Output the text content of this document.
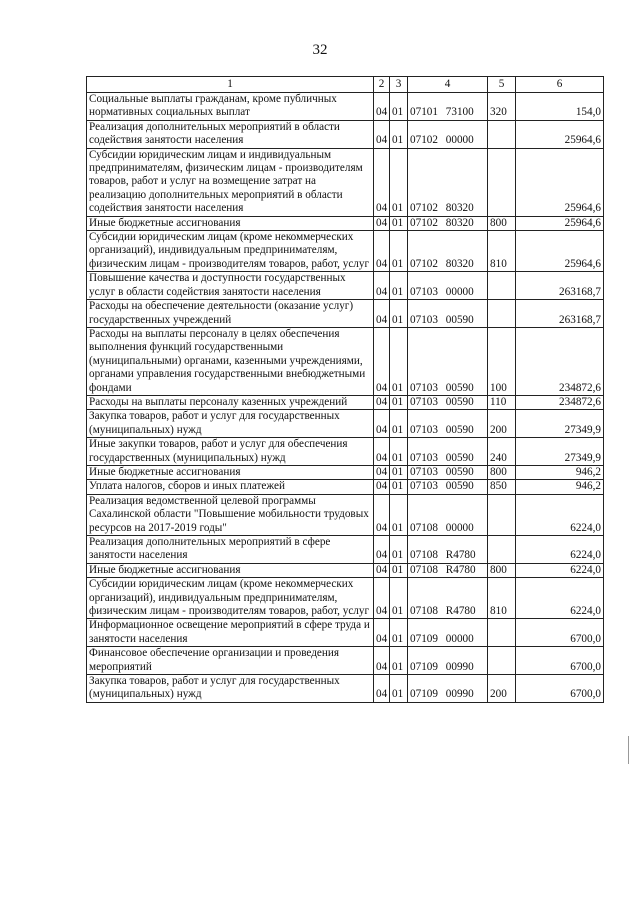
32
1	2	3	4	5	6
Социальные выплаты гражданам, кроме публичных нормативных социальных выплат	04	01	07101 73100	320	154,0
Реализация дополнительных мероприятий в области содействия занятости населения	04	01	07102 00000		25964,6
Субсидии юридическим лицам и индивидуальным предпринимателям, физическим лицам - производителям товаров, работ и услуг на возмещение затрат на реализацию дополнительных мероприятий в области содействия занятости населения	04	01	07102 80320		25964,6
Иные бюджетные ассигнования	04	01	07102 80320	800	25964,6
Субсидии юридическим лицам (кроме некоммерческих организаций), индивидуальным предпринимателям, физическим лицам - производителям товаров, работ, услуг	04	01	07102 80320	810	25964,6
Повышение качества и доступности государственных услуг в области содействия занятости населения	04	01	07103 00000		263168,7
Расходы на обеспечение деятельности (оказание услуг) государственных учреждений	04	01	07103 00590		263168,7
Расходы на выплаты персоналу в целях обеспечения выполнения функций государственными (муниципальными) органами, казенными учреждениями, органами управления государственными внебюджетными фондами	04	01	07103 00590	100	234872,6
Расходы на выплаты персоналу казенных учреждений	04	01	07103 00590	110	234872,6
Закупка товаров, работ и услуг для государственных (муниципальных) нужд	04	01	07103 00590	200	27349,9
Иные закупки товаров, работ и услуг для обеспечения государственных (муниципальных) нужд	04	01	07103 00590	240	27349,9
Иные бюджетные ассигнования	04	01	07103 00590	800	946,2
Уплата налогов, сборов и иных платежей	04	01	07103 00590	850	946,2
Реализация ведомственной целевой программы Сахалинской области "Повышение мобильности трудовых ресурсов на 2017-2019 годы"	04	01	07108 00000		6224,0
Реализация дополнительных мероприятий в сфере занятости населения	04	01	07108 R4780		6224,0
Иные бюджетные ассигнования	04	01	07108 R4780	800	6224,0
Субсидии юридическим лицам (кроме некоммерческих организаций), индивидуальным предпринимателям, физическим лицам - производителям товаров, работ, услуг	04	01	07108 R4780	810	6224,0
Информационное освещение мероприятий в сфере труда и занятости населения	04	01	07109 00000		6700,0
Финансовое обеспечение организации и проведения мероприятий	04	01	07109 00990		6700,0
Закупка товаров, работ и услуг для государственных (муниципальных) нужд	04	01	07109 00990	200	6700,0
